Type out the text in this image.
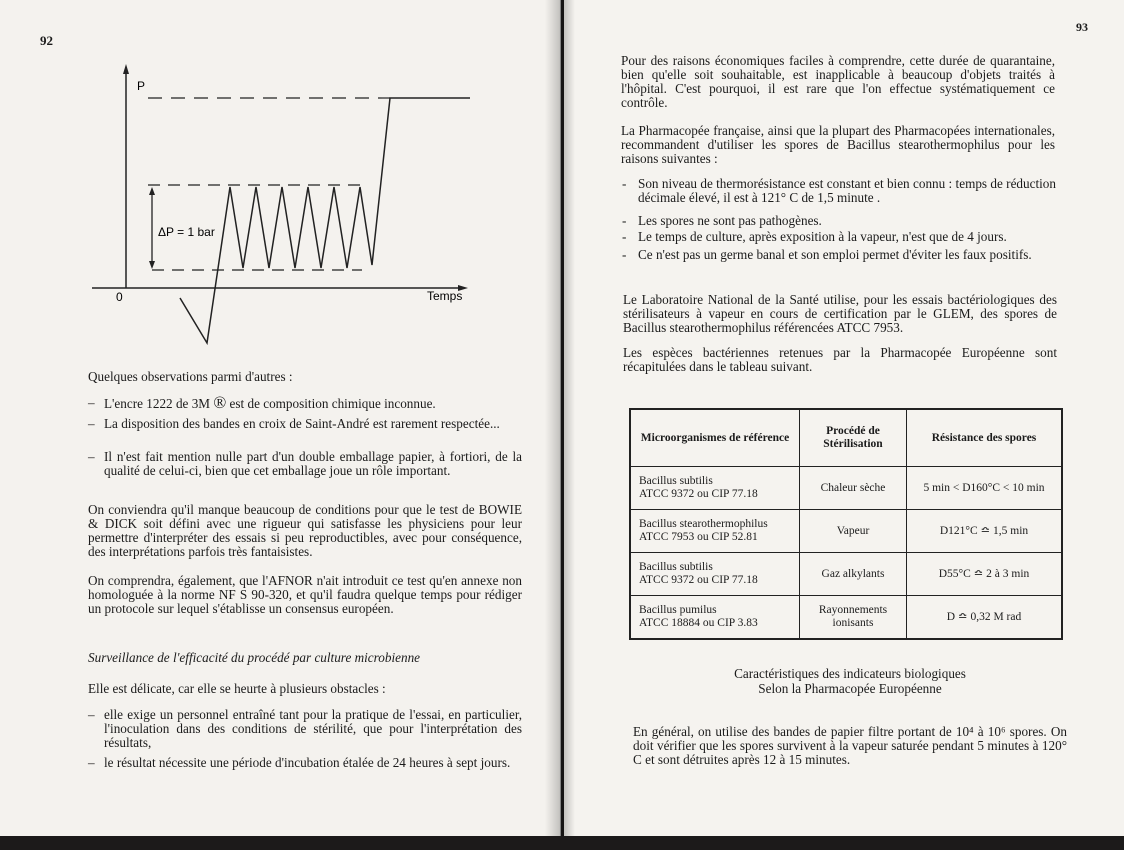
92
P
0	Temps
ΔP = 1 bar
Quelques observations parmi d'autres :
– L'encre 1222 de 3M ® est de composition chimique inconnue.
– La disposition des bandes en croix de Saint-André est rarement respectée...
– Il n'est fait mention nulle part d'un double emballage papier, à fortiori, de la qualité de celui-ci, bien que cet emballage joue un rôle important.
On conviendra qu'il manque beaucoup de conditions pour que le test de BOWIE & DICK soit défini avec une rigueur qui satisfasse les physiciens pour leur permettre d'interpréter des essais si peu reproductibles, avec pour conséquence, des interprétations parfois très fantaisistes.
On comprendra, également, que l'AFNOR n'ait introduit ce test qu'en annexe non homologuée à la norme NF S 90-320, et qu'il faudra quelque temps pour rédiger un protocole sur lequel s'établisse un consensus européen.
Surveillance de l'efficacité du procédé par culture microbienne
Elle est délicate, car elle se heurte à plusieurs obstacles :
– elle exige un personnel entraîné tant pour la pratique de l'essai, en particulier, l'inoculation dans des conditions de stérilité, que pour l'interprétation des résultats,
– le résultat nécessite une période d'incubation étalée de 24 heures à sept jours.
93
Pour des raisons économiques faciles à comprendre, cette durée de quarantaine, bien qu'elle soit souhaitable, est inapplicable à beaucoup d'objets traités à l'hôpital. C'est pourquoi, il est rare que l'on effectue systématiquement ce contrôle.
La Pharmacopée française, ainsi que la plupart des Pharmacopées internationales, recommandent d'utiliser les spores de Bacillus stearothermophilus pour les raisons suivantes :
- Son niveau de thermorésistance est constant et bien connu : temps de réduction décimale élevé, il est à 121° C de 1,5 minute .
- Les spores ne sont pas pathogènes.
- Le temps de culture, après exposition à la vapeur, n'est que de 4 jours.
- Ce n'est pas un germe banal et son emploi permet d'éviter les faux positifs.
Le Laboratoire National de la Santé utilise, pour les essais bactériologiques des stérilisateurs à vapeur en cours de certification par le GLEM, des spores de Bacillus stearothermophilus référencées ATCC 7953.
Les espèces bactériennes retenues par la Pharmacopée Européenne sont récapitulées dans le tableau suivant.
Microorganismes de référence	Procédé de Stérilisation	Résistance des spores

Bacillus subtilis
ATCC 9372 ou CIP 77.18	Chaleur sèche	5 min < D160°C < 10 min

Bacillus stearothermophilus
ATCC 7953 ou CIP 52.81	Vapeur	D121°C ≏ 1,5 min

Bacillus subtilis
ATCC 9372 ou CIP 77.18	Gaz alkylants	D55°C ≏ 2 à 3 min

Bacillus pumilus
ATCC 18884 ou CIP 3.83	Rayonnements ionisants	D ≏ 0,32 M rad
Caractéristiques des indicateurs biologiques
Selon la Pharmacopée Européenne
En général, on utilise des bandes de papier filtre portant de 10⁴ à 10⁶ spores. On doit vérifier que les spores survivent à la vapeur saturée pendant 5 minutes à 120° C et sont détruites après 12 à 15 minutes.
